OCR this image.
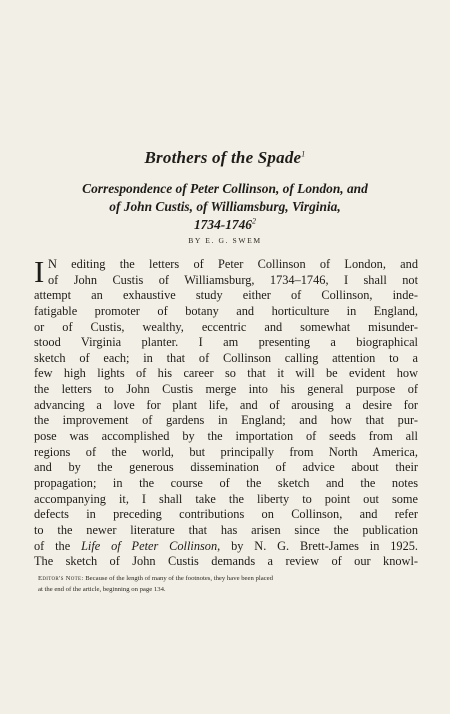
Brothers of the Spade$^1$
Correspondence of Peter Collinson, of London, and
of John Custis, of Williamsburg, Virginia,
1734-1746$^2$
BY E. G. SWEM
I N editing the letters of Peter Collinson of London, and
of John Custis of Williamsburg, 1734–1746, I shall not
attempt an exhaustive study either of Collinson, inde-
fatigable promoter of botany and horticulture in England,
or of Custis, wealthy, eccentric and somewhat misunder-
stood Virginia planter. I am presenting a biographical
sketch of each; in that of Collinson calling attention to a
few high lights of his career so that it will be evident how
the letters to John Custis merge into his general purpose of
advancing a love for plant life, and of arousing a desire for
the improvement of gardens in England; and how that pur-
pose was accomplished by the importation of seeds from all
regions of the world, but principally from North America,
and by the generous dissemination of advice about their
propagation; in the course of the sketch and the notes
accompanying it, I shall take the liberty to point out some
defects in preceding contributions on Collinson, and refer
to the newer literature that has arisen since the publication
of the Life of Peter Collinson, by N. G. Brett-James in 1925.
The sketch of John Custis demands a review of our knowl-
Editor's Note: Because of the length of many of the footnotes, they have been placed
at the end of the article, beginning on page 134.
